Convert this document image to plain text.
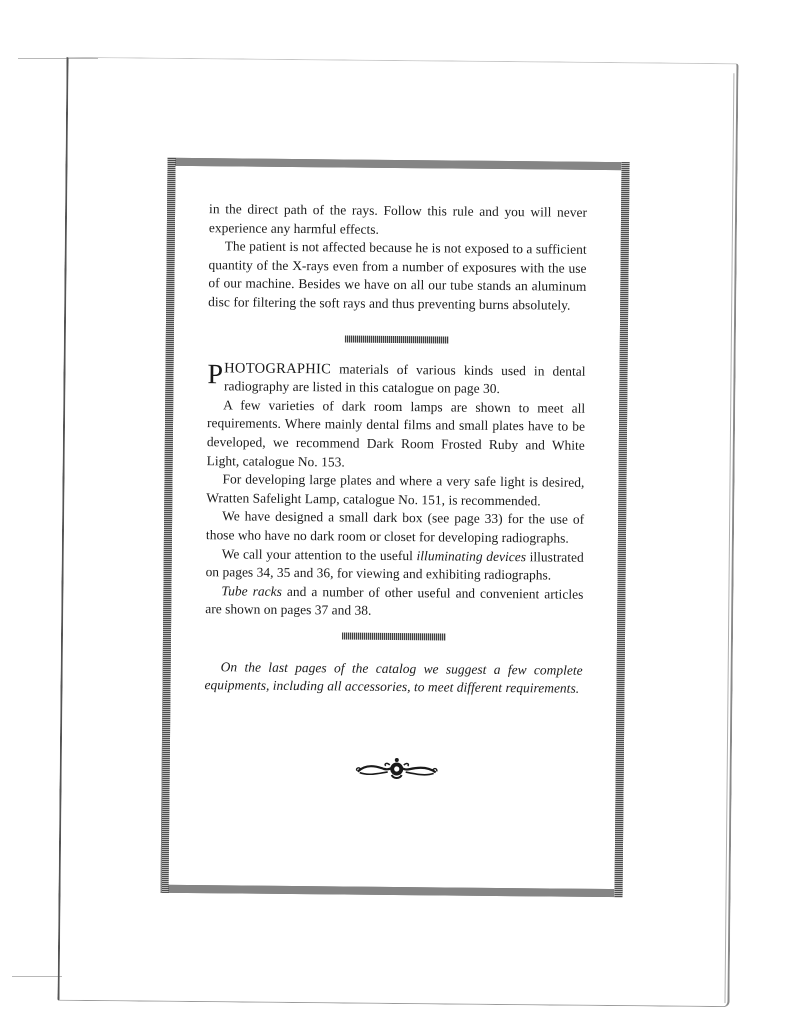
in the direct path of the rays. Follow this rule and you will never experience any harmful effects.

The patient is not affected because he is not exposed to a sufficient quantity of the X-rays even from a number of exposures with the use of our machine. Besides we have on all our tube stands an aluminum disc for filtering the soft rays and thus preventing burns absolutely.

PHOTOGRAPHIC materials of various kinds used in dental radiography are listed in this catalogue on page 30.

A few varieties of dark room lamps are shown to meet all requirements. Where mainly dental films and small plates have to be developed, we recommend Dark Room Frosted Ruby and White Light, catalogue No. 153.

For developing large plates and where a very safe light is desired, Wratten Safelight Lamp, catalogue No. 151, is recommended.

We have designed a small dark box (see page 33) for the use of those who have no dark room or closet for developing radiographs.

We call your attention to the useful illuminating devices illustrated on pages 34, 35 and 36, for viewing and exhibiting radiographs.

Tube racks and a number of other useful and convenient articles are shown on pages 37 and 38.

On the last pages of the catalog we suggest a few complete equipments, including all accessories, to meet different requirements.
